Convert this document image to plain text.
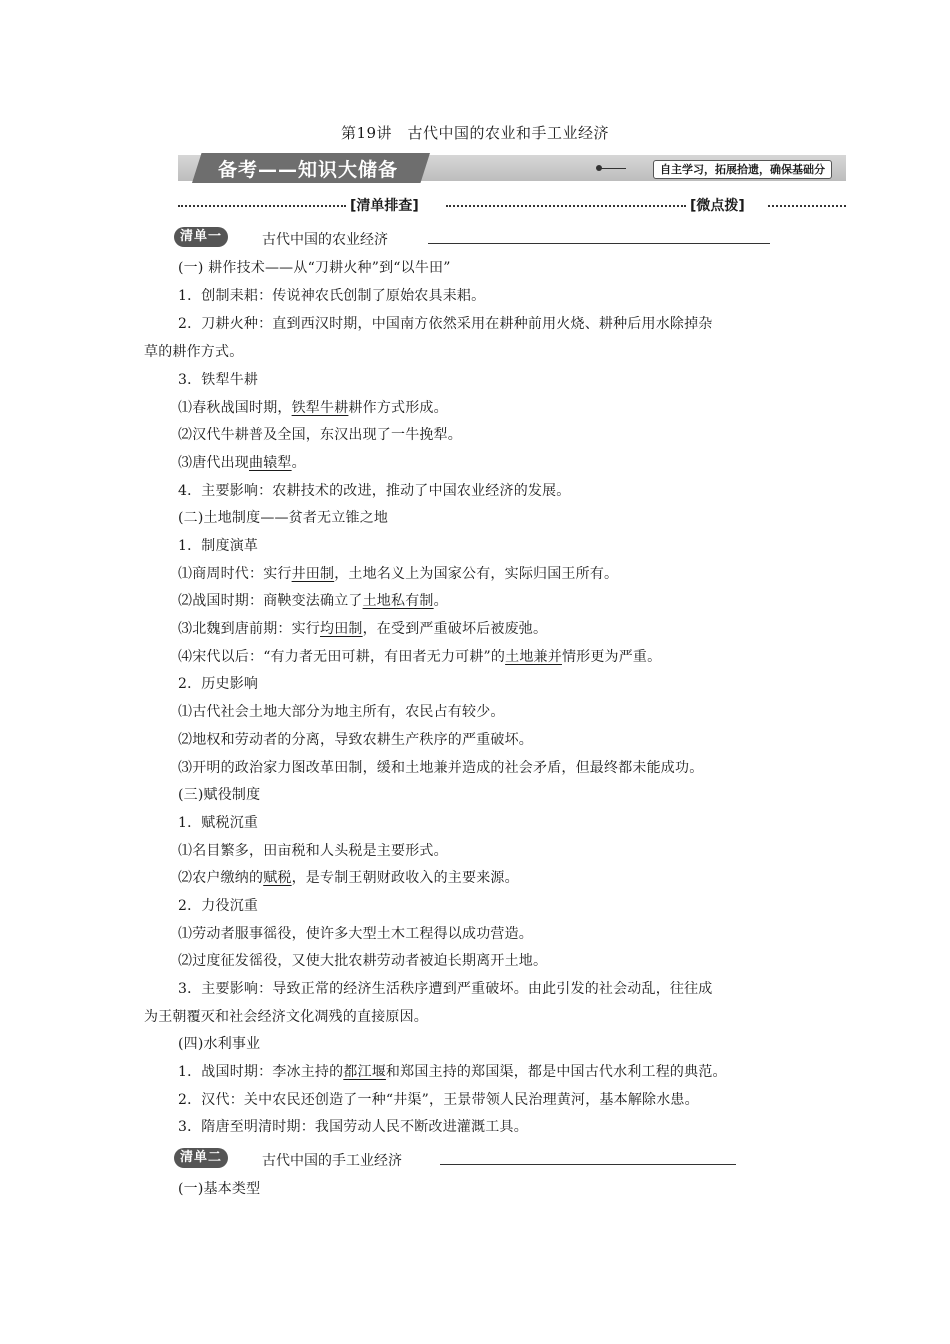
第19讲　古代中国的农业和手工业经济
备考——知识大储备	自主学习，拓展拾遗，确保基础分
[清单排查]	[微点拨]
清单一	古代中国的农业经济
(一) 耕作技术——从“刀耕火种”到“以牛田”
1．创制耒耜：传说神农氏创制了原始农具耒耜。
2．刀耕火种：直到西汉时期，中国南方依然采用在耕种前用火烧、耕种后用水除掉杂
草的耕作方式。
3．铁犁牛耕
⑴春秋战国时期，铁犁牛耕耕作方式形成。
⑵汉代牛耕普及全国，东汉出现了一牛挽犁。
⑶唐代出现曲辕犁。
4．主要影响：农耕技术的改进，推动了中国农业经济的发展。
(二)土地制度——贫者无立锥之地
1．制度演革
⑴商周时代：实行井田制，土地名义上为国家公有，实际归国王所有。
⑵战国时期：商鞅变法确立了土地私有制。
⑶北魏到唐前期：实行均田制，在受到严重破坏后被废弛。
⑷宋代以后：“有力者无田可耕，有田者无力可耕”的土地兼并情形更为严重。
2．历史影响
⑴古代社会土地大部分为地主所有，农民占有较少。
⑵地权和劳动者的分离，导致农耕生产秩序的严重破坏。
⑶开明的政治家力图改革田制，缓和土地兼并造成的社会矛盾，但最终都未能成功。
(三)赋役制度
1．赋税沉重
⑴名目繁多，田亩税和人头税是主要形式。
⑵农户缴纳的赋税，是专制王朝财政收入的主要来源。
2．力役沉重
⑴劳动者服事徭役，使许多大型土木工程得以成功营造。
⑵过度征发徭役，又使大批农耕劳动者被迫长期离开土地。
3．主要影响：导致正常的经济生活秩序遭到严重破坏。由此引发的社会动乱，往往成
为王朝覆灭和社会经济文化凋残的直接原因。
(四)水利事业
1．战国时期：李冰主持的都江堰和郑国主持的郑国渠，都是中国古代水利工程的典范。
2．汉代：关中农民还创造了一种“井渠”，王景带领人民治理黄河，基本解除水患。
3．隋唐至明清时期：我国劳动人民不断改进灌溉工具。
清单二	古代中国的手工业经济
(一)基本类型
